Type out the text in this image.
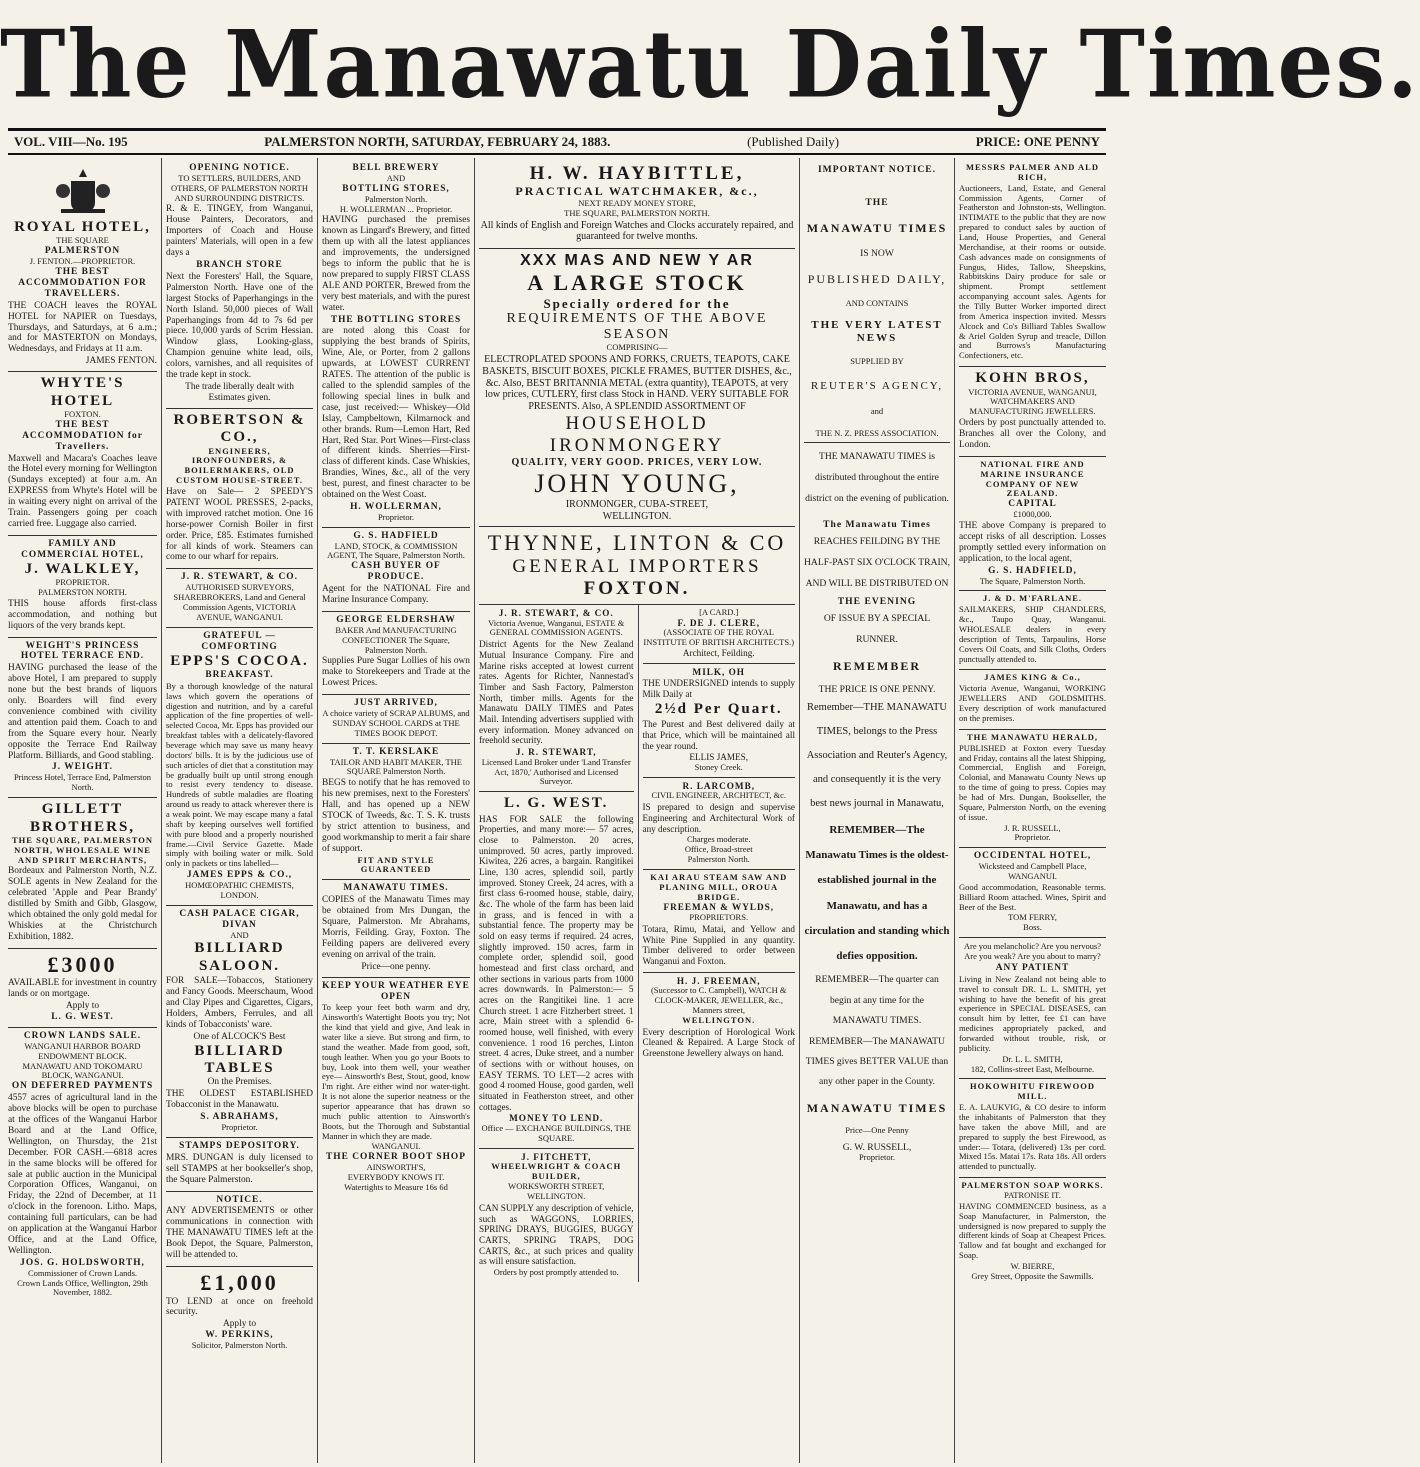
The Manawatu Daily Times.
VOL. VIII—No. 195	PALMERSTON NORTH, SATURDAY, FEBRUARY 24, 1883.	(Published Daily)	PRICE: ONE PENNY
ROYAL HOTEL,
THE SQUARE
PALMERSTON
J. FENTON.—PROPRIETOR.
THE BEST ACCOMMODATION FOR TRAVELLERS.

THE COACH leaves the ROYAL HOTEL for NAPIER on Tuesdays, Thursdays, and Saturdays, at 6 a.m.; and for MASTERTON on Mondays, Wednesdays, and Fridays at 11 a.m.

JAMES FENTON.
WHYTE'S HOTEL
FOXTON.
THE BEST ACCOMMODATION for Travellers.

Maxwell and Macara's Coaches leave the Hotel every morning for Wellington (Sundays excepted) at four a.m. An EXPRESS from Whyte's Hotel will be in waiting every night on arrival of the Train. Passengers going per coach carried free. Luggage also carried.

FAMILY AND COMMERCIAL HOTEL,
J. WALKLEY,
PROPRIETOR.
PALMERSTON NORTH.

THIS house affords first-class accommodation, and nothing but liquors of the very brands kept.

WEIGHT'S PRINCESS HOTEL TERRACE END.

HAVING purchased the lease of the above Hotel, I am prepared to supply none but the best brands of liquors only. Boarders will find every convenience combined with civility and attention paid them. Coach to and from the Square every hour. Nearly opposite the Terrace End Railway Platform. Billiards, and Good stabling.

J. WEIGHT.
Princess Hotel, Terrace End, Palmerston North.
GILLETT BROTHERS,
THE SQUARE, PALMERSTON NORTH, WHOLESALE WINE AND SPIRIT MERCHANTS,

Bordeaux and Palmerston North, N.Z. SOLE agents in New Zealand for the celebrated 'Apple and Pear Brandy' distilled by Smith and Gibb, Glasgow, which obtained the only gold medal for Whiskies at the Christchurch Exhibition, 1882.

£3000

AVAILABLE for investment in country lands or on mortgage.

Apply to
L. G. WEST.
CROWN LANDS SALE.
WANGANUI HARBOR BOARD ENDOWMENT BLOCK.
MANAWATU AND TOKOMARU BLOCK, WANGANUI.
ON DEFERRED PAYMENTS

4557 acres of agricultural land in the above blocks will be open to purchase at the offices of the Wanganui Harbor Board and at the Land Office, Wellington, on Thursday, the 21st December. FOR CASH.—6818 acres in the same blocks will be offered for sale at public auction in the Municipal Corporation Offices, Wanganui, on Friday, the 22nd of December, at 11 o'clock in the forenoon. Litho. Maps, containing full particulars, can be had on application at the Wanganui Harbor Office, and at the Land Office, Wellington.

JOS. G. HOLDSWORTH,
Commissioner of Crown Lands.
Crown Lands Office, Wellington, 29th November, 1882.
OPENING NOTICE.
TO SETTLERS, BUILDERS, AND OTHERS, OF PALMERSTON NORTH AND SURROUNDING DISTRICTS.

R. & E. TINGEY, from Wanganui, House Painters, Decorators, and Importers of Coach and House painters' Materials, will open in a few days a

BRANCH STORE

Next the Foresters' Hall, the Square, Palmerston North. Have one of the largest Stocks of Paperhangings in the North Island. 50,000 pieces of Wall Paperhangings from 4d to 7s 6d per piece. 10,000 yards of Scrim Hessian. Window glass, Looking-glass, Champion genuine white lead, oils, colors, varnishes, and all requisites of the trade kept in stock.

The trade liberally dealt with
Estimates given.
ROBERTSON & CO.,
ENGINEERS, IRONFOUNDERS, & BOILERMAKERS, OLD CUSTOM HOUSE-STREET.

Have on Sale— 2 SPEEDY'S PATENT WOOL PRESSES, 2-packs, with improved ratchet motion. One 16 horse-power Cornish Boiler in first order. Price, £85. Estimates furnished for all kinds of work. Steamers can come to our wharf for repairs.

J. R. STEWART, & CO.
AUTHORISED SURVEYORS, SHAREBROKERS, Land and General Commission Agents, VICTORIA AVENUE, WANGANUI.
GRATEFUL — COMFORTING
EPPS'S COCOA.
BREAKFAST.

By a thorough knowledge of the natural laws which govern the operations of digestion and nutrition, and by a careful application of the fine properties of well-selected Cocoa, Mr. Epps has provided our breakfast tables with a delicately-flavored beverage which may save us many heavy doctors' bills. It is by the judicious use of such articles of diet that a constitution may be gradually built up until strong enough to resist every tendency to disease. Hundreds of subtle maladies are floating around us ready to attack wherever there is a weak point. We may escape many a fatal shaft by keeping ourselves well fortified with pure blood and a properly nourished frame.—Civil Service Gazette. Made simply with boiling water or milk. Sold only in packets or tins labelled—

JAMES EPPS & CO.,
HOMŒOPATHIC CHEMISTS, LONDON.
CASH PALACE CIGAR, DIVAN
AND
BILLIARD SALOON.

FOR SALE—Tobaccos, Stationery and Fancy Goods. Meerschaum, Wood and Clay Pipes and Cigarettes, Cigars, Holders, Ambers, Ferrules, and all kinds of Tobacconists' ware.

One of ALCOCK'S Best
BILLIARD TABLES
On the Premises.

THE OLDEST ESTABLISHED Tobacconist in the Manawatu.

S. ABRAHAMS,
Proprietor.
STAMPS DEPOSITORY.

MRS. DUNGAN is duly licensed to sell STAMPS at her bookseller's shop, the Square Palmerston.

NOTICE.

ANY ADVERTISEMENTS or other communications in connection with THE MANAWATU TIMES left at the Book Depot, the Square, Palmerston, will be attended to.

£1,000

TO LEND at once on freehold security.

Apply to
W. PERKINS,
Solicitor, Palmerston North.
BELL BREWERY
AND
BOTTLING STORES,
Palmerston North.
H. WOLLERMAN ... Proprietor.

HAVING purchased the premises known as Lingard's Brewery, and fitted them up with all the latest appliances and improvements, the undersigned begs to inform the public that he is now prepared to supply FIRST CLASS ALE AND PORTER, Brewed from the very best materials, and with the purest water.

THE BOTTLING STORES

are noted along this Coast for supplying the best brands of Spirits, Wine, Ale, or Porter, from 2 gallons upwards, at LOWEST CURRENT RATES. The attention of the public is called to the splendid samples of the following special lines in bulk and case, just received:— Whiskey—Old Islay, Campbeltown, Kilmarnock and other brands. Rum—Lemon Hart, Red Hart, Red Star. Port Wines—First-class of different kinds. Sherries—First-class of different kinds. Case Whiskies, Brandies, Wines, &c., all of the very best, purest, and finest character to be obtained on the West Coast.

H. WOLLERMAN,
Proprietor.
G. S. HADFIELD
LAND, STOCK, & COMMISSION AGENT, The Square, Palmerston North.
CASH BUYER OF PRODUCE.

Agent for the NATIONAL Fire and Marine Insurance Company.

GEORGE ELDERSHAW
BAKER And MANUFACTURING CONFECTIONER The Square, Palmerston North.

Supplies Pure Sugar Lollies of his own make to Storekeepers and Trade at the Lowest Prices.

JUST ARRIVED,
A choice variety of SCRAP ALBUMS, and SUNDAY SCHOOL CARDS at THE TIMES BOOK DEPOT.
T. T. KERSLAKE
TAILOR AND HABIT MAKER, THE SQUARE Palmerston North.

BEGS to notify that he has removed to his new premises, next to the Foresters' Hall, and has opened up a NEW STOCK of Tweeds, &c. T. S. K. trusts by strict attention to business, and good workmanship to merit a fair share of support.

FIT AND STYLE GUARANTEED
MANAWATU TIMES.

COPIES of the Manawatu Times may be obtained from Mrs Dungan, the Square, Palmerston. Mr Abrahams, Morris, Feilding. Gray, Foxton. The Feilding papers are delivered every evening on arrival of the train.

Price—one penny.
KEEP YOUR WEATHER EYE OPEN

To keep your feet both warm and dry, Ainsworth's Watertight Boots you try; Not the kind that yield and give, And leak in water like a sieve. But strong and firm, to stand the weather. Made from good, soft, tough leather. When you go your Boots to buy, Look into them well, your weather eye— Ainsworth's Best, Stout, good, know I'm right. Are either wind nor water-tight. It is not alone the superior neatness or the superior appearance that has drawn so much public attention to Ainsworth's Boots, but the Thorough and Substantial Manner in which they are made.

WANGANUI.
THE CORNER BOOT SHOP
AINSWORTH'S,
EVERYBODY KNOWS IT.
Watertights to Measure 16s 6d
H. W. HAYBITTLE,
PRACTICAL WATCHMAKER, &c.,
NEXT READY MONEY STORE,
THE SQUARE, PALMERSTON NORTH.

All kinds of English and Foreign Watches and Clocks accurately repaired, and guaranteed for twelve months.

XXX MAS AND NEW Y AR
A LARGE STOCK
Specially ordered for the
REQUIREMENTS OF THE ABOVE SEASON
COMPRISING—

ELECTROPLATED SPOONS AND FORKS, CRUETS, TEAPOTS, CAKE BASKETS, BISCUIT BOXES, PICKLE FRAMES, BUTTER DISHES, &c., &c. Also, BEST BRITANNIA METAL (extra quantity), TEAPOTS, at very low prices, CUTLERY, first class Stock in HAND. VERY SUITABLE FOR PRESENTS. Also, A SPLENDID ASSORTMENT OF

HOUSEHOLD IRONMONGERY
QUALITY, VERY GOOD. PRICES, VERY LOW.
JOHN YOUNG,
IRONMONGER, CUBA-STREET,
WELLINGTON.
THYNNE, LINTON & CO
GENERAL IMPORTERS
FOXTON.
J. R. STEWART, & CO.
Victoria Avenue, Wanganui, ESTATE & GENERAL COMMISSION AGENTS.

District Agents for the New Zealand Mutual Insurance Company. Fire and Marine risks accepted at lowest current rates. Agents for Richter, Nannestad's Timber and Sash Factory, Palmerston North, timber mills. Agents for the Manawatu DAILY TIMES and Pates Mail. Intending advertisers supplied with every information. Money advanced on freehold security.

J. R. STEWART,
Licensed Land Broker under 'Land Transfer Act, 1870,' Authorised and Licensed Surveyor.
L. G. WEST.

HAS FOR SALE the following Properties, and many more:— 57 acres, close to Palmerston. 20 acres, unimproved. 50 acres, partly improved. Kiwitea, 226 acres, a bargain. Rangitikei Line, 130 acres, splendid soil, partly improved. Stoney Creek, 24 acres, with a first class 6-roomed house, stable, dairy, &c. The whole of the farm has been laid in grass, and is fenced in with a substantial fence. The property may be sold on easy terms if required. 24 acres, slightly improved. 150 acres, farm in complete order, splendid soil, good homestead and first class orchard, and other sections in various parts from 1000 acres downwards. In Palmerston:— 5 acres on the Rangitikei line. 1 acre Church street. 1 acre Fitzherbert street. 1 acre, Main street with a splendid 6-roomed house, well finished, with every convenience. 1 rood 16 perches, Linton street. 4 acres, Duke street, and a number of sections with or without houses, on EASY TERMS. TO LET—2 acres with good 4 roomed House, good garden, well situated in Featherston street, and other cottages.

MONEY TO LEND.
Office — EXCHANGE BUILDINGS, THE SQUARE.
J. FITCHETT,
WHEELWRIGHT & COACH BUILDER,
WORKSWORTH STREET, WELLINGTON.

CAN SUPPLY any description of vehicle, such as WAGGONS, LORRIES, SPRING DRAYS, BUGGIES, BUGGY CARTS, SPRING TRAPS, DOG CARTS, &c., at such prices and quality as will ensure satisfaction.

Orders by post promptly attended to.
[A CARD.]
F. DE J. CLERE,
(ASSOCIATE OF THE ROYAL INSTITUTE OF BRITISH ARCHITECTS.)
Architect, Feilding.
MILK, OH

THE UNDERSIGNED intends to supply Milk Daily at

2½d Per Quart.

The Purest and Best delivered daily at that Price, which will be maintained all the year round.

ELLIS JAMES,
Stoney Creek.
R. LARCOMB,
CIVIL ENGINEER, ARCHITECT, &c.

IS prepared to design and supervise Engineering and Architectural Work of any description.

Charges moderate.
Office, Broad-street
Palmerston North.
KAI ARAU STEAM SAW AND PLANING MILL, OROUA BRIDGE.
FREEMAN & WYLDS,
PROPRIETORS.

Totara, Rimu, Matai, and Yellow and White Pine Supplied in any quantity. Timber delivered to order between Wanganui and Foxton.

H. J. FREEMAN,
(Successor to C. Campbell), WATCH & CLOCK-MAKER, JEWELLER, &c., Manners street,
WELLINGTON.

Every description of Horological Work Cleaned & Repaired. A Large Stock of Greenstone Jewellery always on hand.

IMPORTANT NOTICE.
THE
MANAWATU TIMES
IS NOW
PUBLISHED DAILY,
AND CONTAINS
THE VERY LATEST NEWS
SUPPLIED BY
REUTER'S AGENCY,
and
THE N. Z. PRESS ASSOCIATION.

THE MANAWATU TIMES is distributed throughout the entire district on the evening of publication.

The Manawatu Times

REACHES FEILDING BY THE HALF-PAST SIX O'CLOCK TRAIN, AND WILL BE DISTRIBUTED ON

THE EVENING

OF ISSUE BY A SPECIAL RUNNER.

REMEMBER

THE PRICE IS ONE PENNY.

Remember—THE MANAWATU TIMES, belongs to the Press Association and Reuter's Agency, and consequently it is the very best news journal in Manawatu,

REMEMBER—The Manawatu Times is the oldest-established journal in the Manawatu, and has a circulation and standing which defies opposition.

REMEMBER—The quarter can begin at any time for the MANAWATU TIMES.

REMEMBER—The MANAWATU TIMES gives BETTER VALUE than any other paper in the County.

MANAWATU TIMES
Price—One Penny
G. W. RUSSELL,
Proprietor.
MESSRS PALMER AND ALD RICH,

Auctioneers, Land, Estate, and General Commission Agents, Corner of Featherston and Johnston-sts, Wellington. INTIMATE to the public that they are now prepared to conduct sales by auction of Land, House Properties, and General Merchandise, at their rooms or outside. Cash advances made on consignments of Fungus, Hides, Tallow, Sheepskins, Rabbitskins Dairy produce for sale or shipment. Prompt settlement accompanying account sales. Agents for the Tilly Butter Worker imported direct from America inspection invited. Messrs Alcock and Co's Billiard Tables Swallow & Ariel Golden Syrup and treacle, Dillon and Burrows's Manufacturing Confectioners, etc.

KOHN BROS,
VICTORIA AVENUE, WANGANUI, WATCHMAKERS AND MANUFACTURING JEWELLERS.

Orders by post punctually attended to. Branches all over the Colony, and London.

NATIONAL FIRE AND MARINE INSURANCE COMPANY OF NEW ZEALAND.
CAPITAL
£1000,000.

THE above Company is prepared to accept risks of all description. Losses promptly settled every information on application, to the local agent,

G. S. HADFIELD,
The Square, Palmerston North.
J. & D. M'FARLANE.

SAILMAKERS, SHIP CHANDLERS, &c., Taupo Quay, Wanganui. WHOLESALE dealers in every description of Tents, Tarpaulins, Horse Covers Oil Coats, and Silk Cloths, Orders punctually attended to.

JAMES KING & Co.,

Victoria Avenue, Wanganui, WORKING JEWELLERS AND GOLDSMITHS. Every description of work manufactured on the premises.

THE MANAWATU HERALD,

PUBLISHED at Foxton every Tuesday and Friday, contains all the latest Shipping, Commercial, English and Foreign, Colonial, and Manawatu County News up to the time of going to press. Copies may be had of Mrs. Dungan, Bookseller, the Square, Palmerston North, on the evening of issue.

J. R. RUSSELL,
Proprietor.
OCCIDENTAL HOTEL,
Wicksteed and Campbell Place, WANGANUI.

Good accommodation, Reasonable terms. Billiard Room attached. Wines, Spirit and Beer of the Best.

TOM FERRY,
Boss.

Are you melancholic? Are you nervous? Are you weak? Are you about to marry?

ANY PATIENT

Living in New Zealand not being able to travel to consult DR. L. L. SMITH, yet wishing to have the benefit of his great experience in SPECIAL DISEASES, can consult him by letter, fee £1 can have medicines appropriately packed, and forwarded without trouble, risk, or publicity.

Dr. L. L. SMITH,
182, Collins-street East, Melbourne.
HOKOWHITU FIREWOOD MILL.

E. A. LAUKVIG, & CO desire to inform the inhabitants of Palmerston that they have taken the above Mill, and are prepared to supply the best Firewood, as under:— Totara, (delivered) 13s per cord. Mixed 15s. Matai 17s. Rata 18s. All orders attended to punctually.

PALMERSTON SOAP WORKS.
PATRONISE IT.

HAVING COMMENCED business, as a Soap Manufacturer, in Palmerston, the undersigned is now prepared to supply the different kinds of Soap at Cheapest Prices. Tallow and fat bought and exchanged for Soap.

W. BIERRE,
Grey Street, Opposite the Sawmills.
